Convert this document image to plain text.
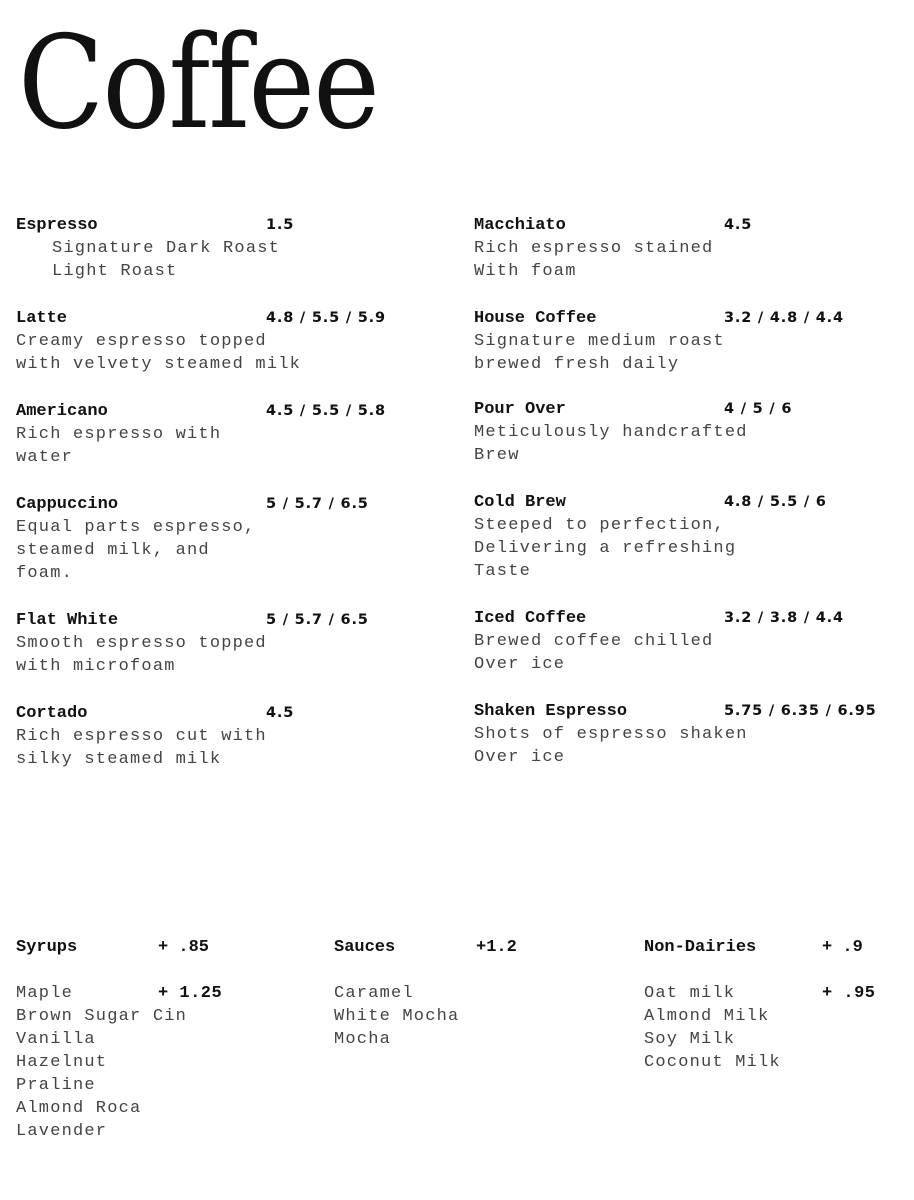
Coffee
Espresso	1.5
Signature Dark Roast
Light Roast
Latte	4.8 / 5.5 / 5.9
Creamy espresso topped
with velvety steamed milk
Americano	4.5 / 5.5 / 5.8
Rich espresso with
water
Cappuccino	5 / 5.7 / 6.5
Equal parts espresso,
steamed milk, and
foam.
Flat White	5 / 5.7 / 6.5
Smooth espresso topped
with microfoam
Cortado	4.5
Rich espresso cut with
silky steamed milk
Macchiato	4.5
Rich espresso stained
With foam
House Coffee	3.2 / 4.8 / 4.4
Signature medium roast
brewed fresh daily
Pour Over	4 / 5 / 6
Meticulously handcrafted
Brew
Cold Brew	4.8 / 5.5 / 6
Steeped to perfection,
Delivering a refreshing
Taste
Iced Coffee	3.2 / 3.8 / 4.4
Brewed coffee chilled
Over ice
Shaken Espresso	5.75 / 6.35 / 6.95
Shots of espresso shaken
Over ice
Syrups	+ .85
Maple	+ 1.25
Brown Sugar Cin
Vanilla
Hazelnut
Praline
Almond Roca
Lavender
Sauces	+1.2
Caramel
White Mocha
Mocha
Non-Dairies	+ .9
Oat milk	+ .95
Almond Milk
Soy Milk
Coconut Milk
